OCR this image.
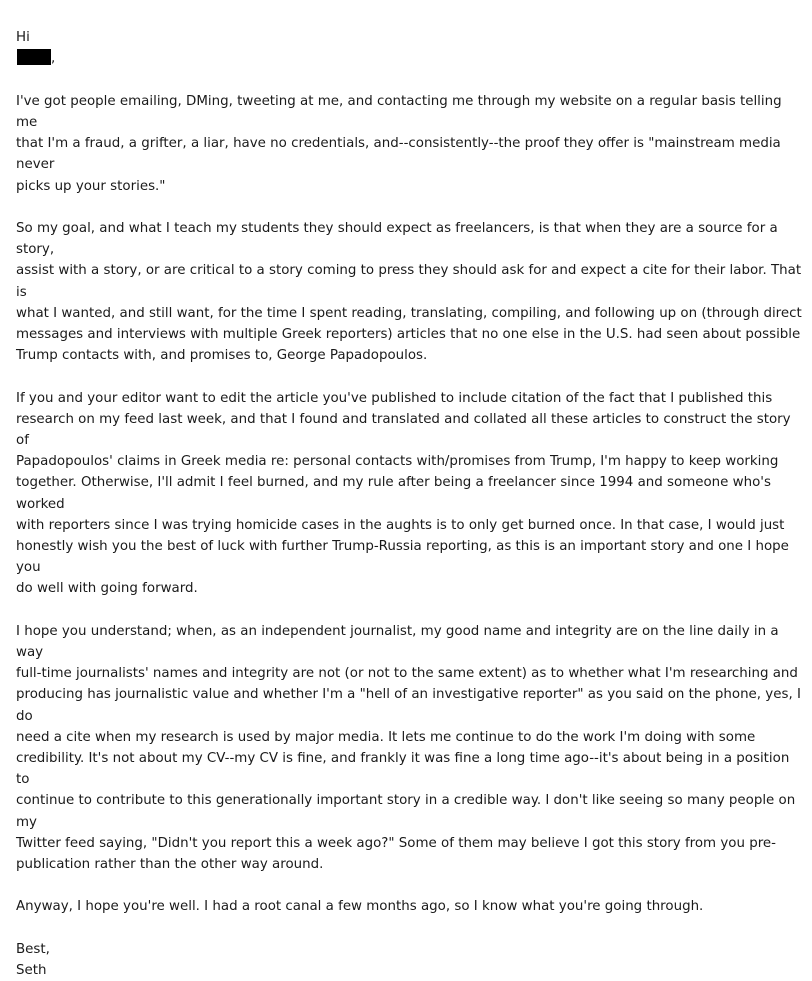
Hi
,

I've got people emailing, DMing, tweeting at me, and contacting me through my website on a regular basis telling me
that I'm a fraud, a grifter, a liar, have no credentials, and--consistently--the proof they offer is "mainstream media never
picks up your stories."

So my goal, and what I teach my students they should expect as freelancers, is that when they are a source for a story,
assist with a story, or are critical to a story coming to press they should ask for and expect a cite for their labor. That is
what I wanted, and still want, for the time I spent reading, translating, compiling, and following up on (through direct
messages and interviews with multiple Greek reporters) articles that no one else in the U.S. had seen about possible
Trump contacts with, and promises to, George Papadopoulos.

If you and your editor want to edit the article you've published to include citation of the fact that I published this
research on my feed last week, and that I found and translated and collated all these articles to construct the story of
Papadopoulos' claims in Greek media re: personal contacts with/promises from Trump, I'm happy to keep working
together. Otherwise, I'll admit I feel burned, and my rule after being a freelancer since 1994 and someone who's worked
with reporters since I was trying homicide cases in the aughts is to only get burned once. In that case, I would just
honestly wish you the best of luck with further Trump-Russia reporting, as this is an important story and one I hope you
do well with going forward.

I hope you understand; when, as an independent journalist, my good name and integrity are on the line daily in a way
full-time journalists' names and integrity are not (or not to the same extent) as to whether what I'm researching and
producing has journalistic value and whether I'm a "hell of an investigative reporter" as you said on the phone, yes, I do
need a cite when my research is used by major media. It lets me continue to do the work I'm doing with some
credibility. It's not about my CV--my CV is fine, and frankly it was fine a long time ago--it's about being in a position to
continue to contribute to this generationally important story in a credible way. I don't like seeing so many people on my
Twitter feed saying, "Didn't you report this a week ago?" Some of them may believe I got this story from you pre-
publication rather than the other way around.

Anyway, I hope you're well. I had a root canal a few months ago, so I know what you're going through.

Best,

Seth
